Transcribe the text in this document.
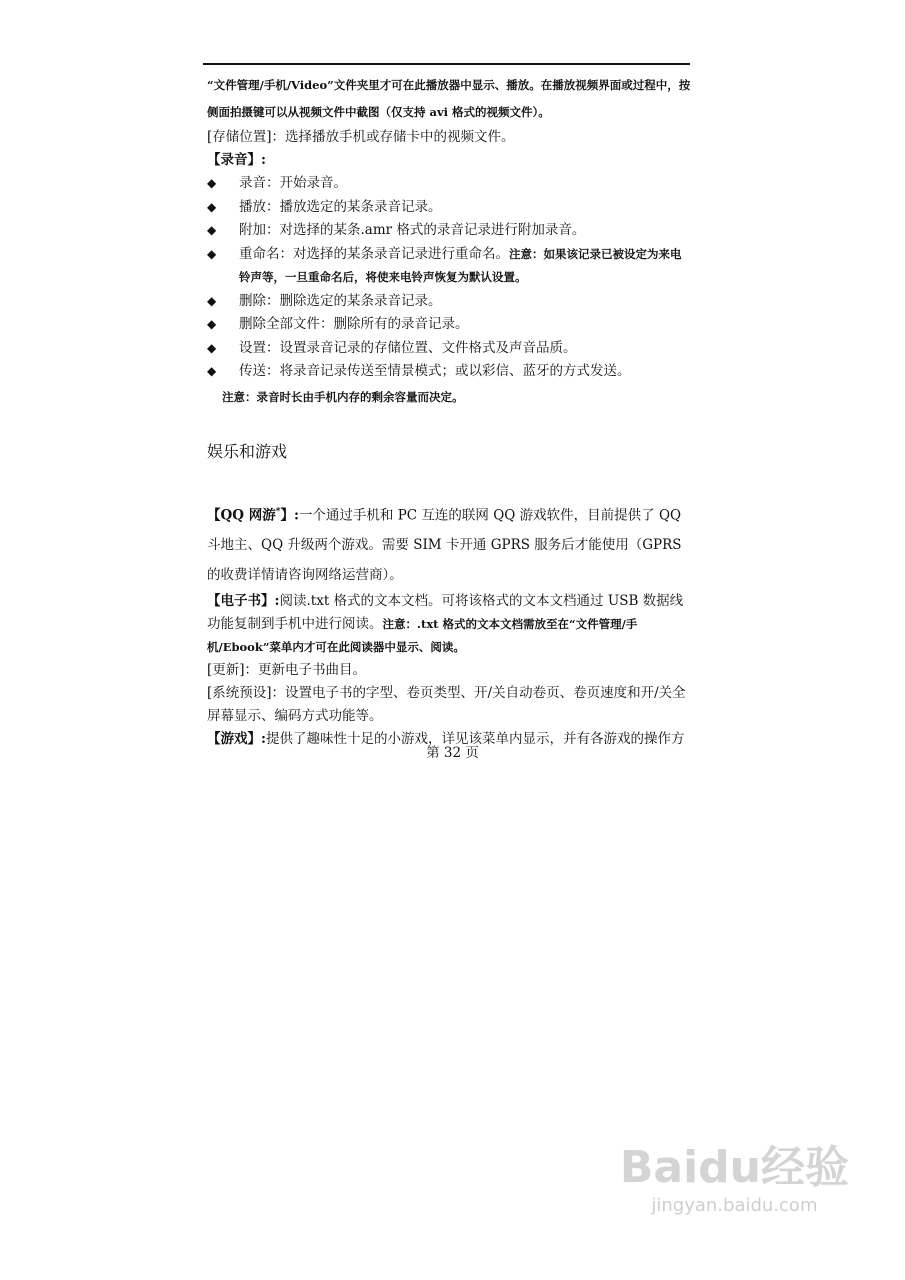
“文件管理/手机/Video”文件夹里才可在此播放器中显示、播放。在播放视频界面或过程中，按

侧面拍摄键可以从视频文件中截图（仅支持 avi 格式的视频文件）。

[存储位置]：选择播放手机或存储卡中的视频文件。

【录音】:

◆ 录音：开始录音。
◆ 播放：播放选定的某条录音记录。
◆ 附加：对选择的某条.amr 格式的录音记录进行附加录音。
◆ 重命名：对选择的某条录音记录进行重命名。注意：如果该记录已被设定为来电铃声等，一旦重命名后，将使来电铃声恢复为默认设置。
◆ 删除：删除选定的某条录音记录。
◆ 删除全部文件：删除所有的录音记录。
◆ 设置：设置录音记录的存储位置、文件格式及声音品质。
◆ 传送：将录音记录传送至情景模式；或以彩信、蓝牙的方式发送。

注意：录音时长由手机内存的剩余容量而决定。

娱乐和游戏

【QQ 网游*】:一个通过手机和 PC 互连的联网 QQ 游戏软件，目前提供了 QQ 斗地主、QQ 升级两个游戏。需要 SIM 卡开通 GPRS 服务后才能使用（GPRS 的收费详情请咨询网络运营商）。

【电子书】:阅读.txt 格式的文本文档。可将该格式的文本文档通过 USB 数据线功能复制到手机中进行阅读。注意：.txt 格式的文本文档需放至在“文件管理/手机/Ebook”菜单内才可在此阅读器中显示、阅读。

[更新]：更新电子书曲目。

[系统预设]：设置电子书的字型、卷页类型、开/关自动卷页、卷页速度和开/关全屏幕显示、编码方式功能等。

【游戏】:提供了趣味性十足的小游戏，详见该菜单内显示，并有各游戏的操作方

第 32 页
Baidu经验
jingyan.baidu.com
